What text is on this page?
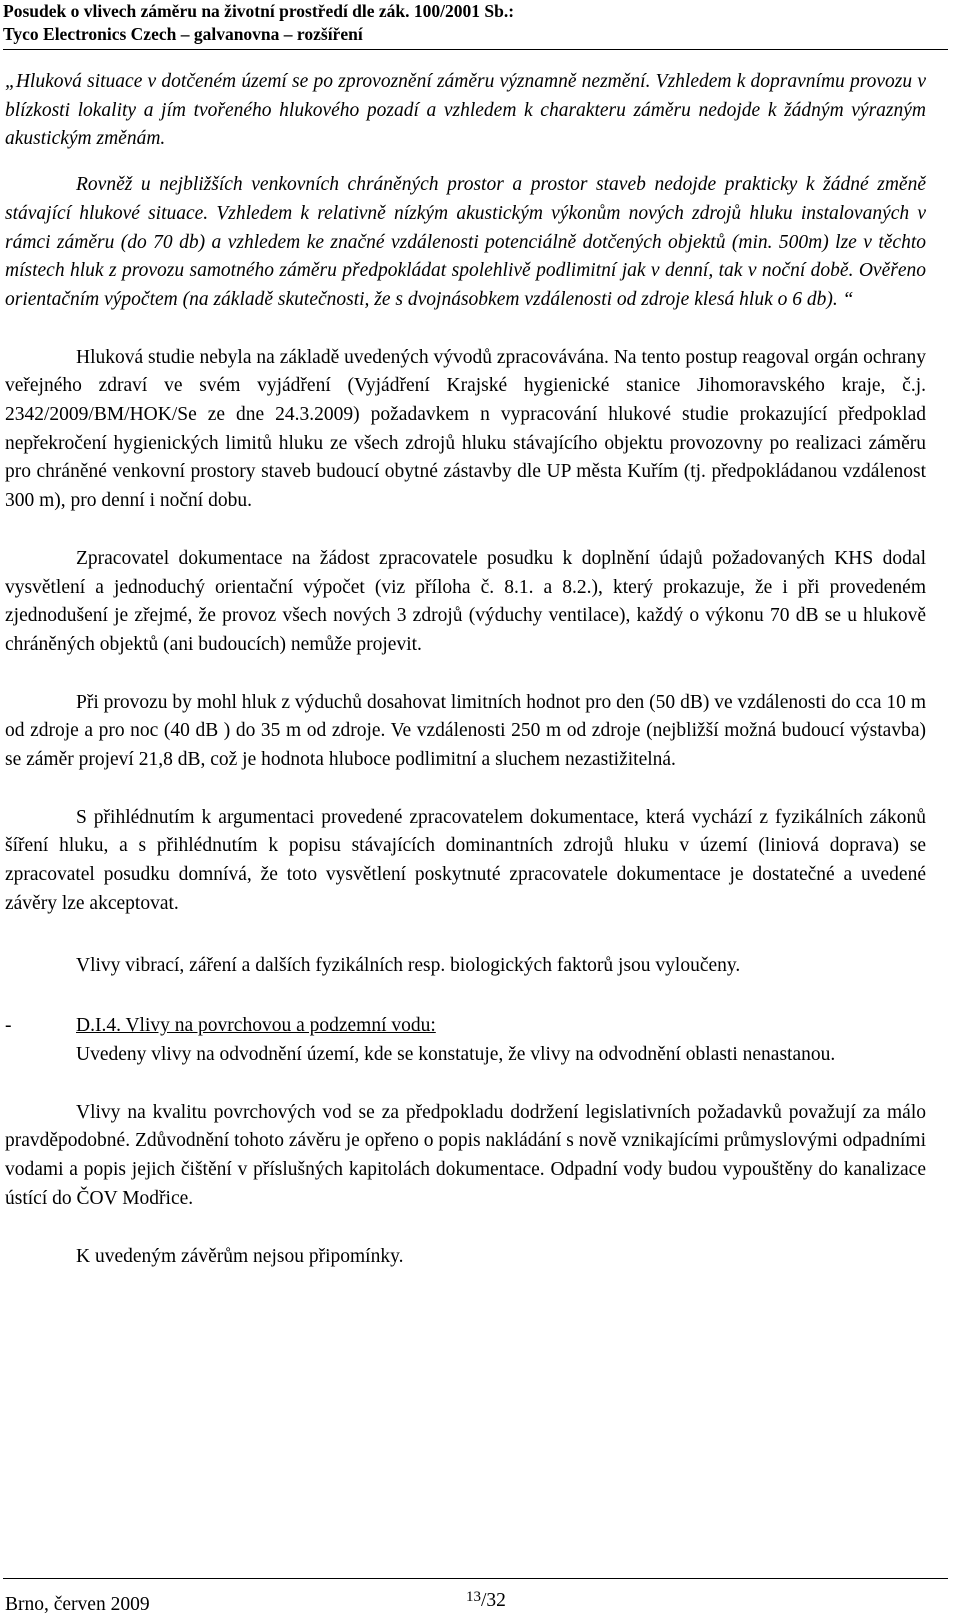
Posudek o vlivech záměru na životní prostředí dle zák. 100/2001 Sb.:
Tyco Electronics Czech – galvanovna – rozšíření

„Hluková situace v dotčeném území se po zprovoznění záměru významně nezmění. Vzhledem k dopravnímu provozu v blízkosti lokality a jím tvořeného hlukového pozadí a vzhledem k charakteru záměru nedojde k žádným výrazným akustickým změnám.

Rovněž u nejbližších venkovních chráněných prostor a prostor staveb nedojde prakticky k žádné změně stávající hlukové situace. Vzhledem k relativně nízkým akustickým výkonům nových zdrojů hluku instalovaných v rámci záměru (do 70 db) a vzhledem ke značné vzdálenosti potenciálně dotčených objektů (min. 500m) lze v těchto místech hluk z provozu samotného záměru předpokládat spolehlivě podlimitní jak v denní, tak v noční době. Ověřeno orientačním výpočtem (na základě skutečnosti, že s dvojnásobkem vzdálenosti od zdroje klesá hluk o 6 db). “

Hluková studie nebyla na základě uvedených vývodů zpracovávána. Na tento postup reagoval orgán ochrany veřejného zdraví ve svém vyjádření (Vyjádření Krajské hygienické stanice Jihomoravského kraje, č.j. 2342/2009/BM/HOK/Se ze dne 24.3.2009) požadavkem n vypracování hlukové studie prokazující předpoklad nepřekročení hygienických limitů hluku ze všech zdrojů hluku stávajícího objektu provozovny po realizaci záměru pro chráněné venkovní prostory staveb budoucí obytné zástavby dle UP města Kuřím (tj. předpokládanou vzdálenost 300 m), pro denní i noční dobu.

Zpracovatel dokumentace na žádost zpracovatele posudku k doplnění údajů požadovaných KHS dodal vysvětlení a jednoduchý orientační výpočet (viz příloha č. 8.1. a 8.2.), který prokazuje, že i při provedeném zjednodušení je zřejmé, že provoz všech nových 3 zdrojů (výduchy ventilace), každý o výkonu 70 dB se u hlukově chráněných objektů (ani budoucích) nemůže projevit.

Při provozu by mohl hluk z výduchů dosahovat limitních hodnot pro den (50 dB) ve vzdálenosti do cca 10 m od zdroje a pro noc (40 dB ) do 35 m od zdroje. Ve vzdálenosti 250 m od zdroje (nejbližší možná budoucí výstavba) se záměr projeví 21,8 dB, což je hodnota hluboce podlimitní a sluchem nezastižitelná.

S přihlédnutím k argumentaci provedené zpracovatelem dokumentace, která vychází z fyzikálních zákonů šíření hluku, a s přihlédnutím k popisu stávajících dominantních zdrojů hluku v území (liniová doprava) se zpracovatel posudku domnívá, že toto vysvětlení poskytnuté zpracovatele dokumentace je dostatečné a uvedené závěry lze akceptovat.

Vlivy vibrací, záření a dalších fyzikálních resp. biologických faktorů jsou vyloučeny.

-	D.I.4. Vlivy na povrchovou a podzemní vodu:

Uvedeny vlivy na odvodnění území, kde se konstatuje, že vlivy na odvodnění oblasti nenastanou.

Vlivy na kvalitu povrchových vod se za předpokladu dodržení legislativních požadavků považují za málo pravděpodobné. Zdůvodnění tohoto závěru je opřeno o popis nakládání s nově vznikajícími průmyslovými odpadními vodami a popis jejich čištění v příslušných kapitolách dokumentace. Odpadní vody budou vypouštěny do kanalizace ústící do ČOV Modřice.

K uvedeným závěrům nejsou připomínky.

Brno, červen 2009	$^{13}$/32
